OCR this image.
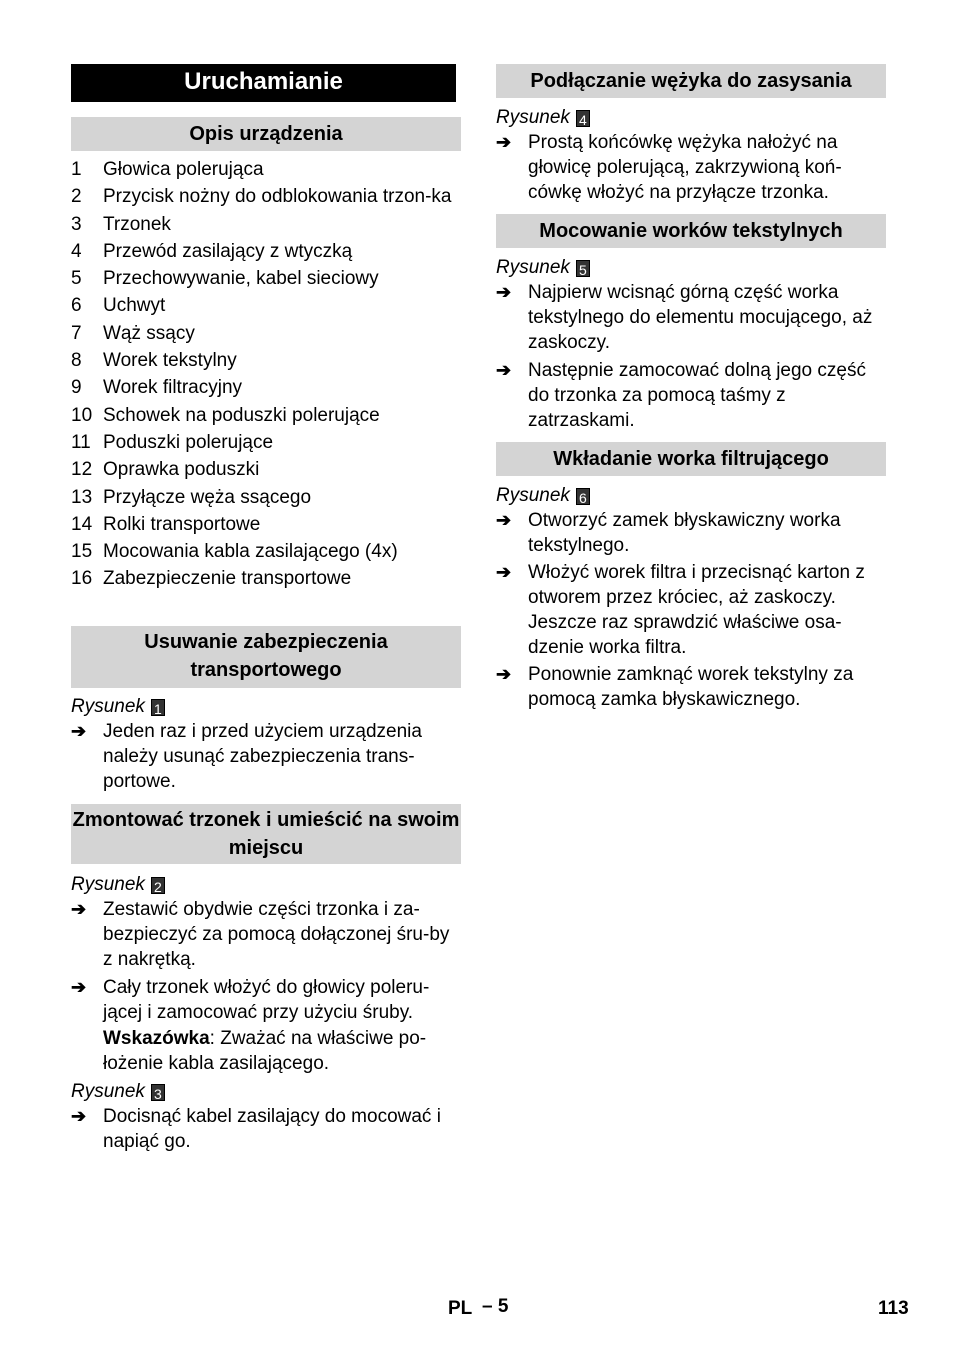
Uruchamianie
Opis urządzenia
1	Głowica polerująca
2	Przycisk nożny do odblokowania trzon-ka
3	Trzonek
4	Przewód zasilający z wtyczką
5	Przechowywanie, kabel sieciowy
6	Uchwyt
7	Wąż ssący
8	Worek tekstylny
9	Worek filtracyjny
10 Schowek na poduszki polerujące
11 Poduszki polerujące
12 Oprawka poduszki
13 Przyłącze węża ssącego
14 Rolki transportowe
15 Mocowania kabla zasilającego (4x)
16 Zabezpieczenie transportowe
Usuwanie zabezpieczenia transportowego
Rysunek 1
➔ Jeden raz i przed użyciem urządzenia należy usunąć zabezpieczenia trans-portowe.
Zmontować trzonek i umieścić na swoim miejscu
Rysunek 2
➔ Zestawić obydwie części trzonka i za-bezpieczyć za pomocą dołączonej śru-by z nakrętką.
➔ Cały trzonek włożyć do głowicy poleru-jącej i zamocować przy użyciu śruby.
Wskazówka: Zważać na właściwe po-łożenie kabla zasilającego.
Rysunek 3
➔ Docisnąć kabel zasilający do mocować i napiąć go.
Podłączanie wężyka do zasysania
Rysunek 4
➔ Prostą końcówkę wężyka nałożyć na głowicę polerującą, zakrzywioną koń-cówkę włożyć na przyłącze trzonka.
Mocowanie worków tekstylnych
Rysunek 5
➔ Najpierw wcisnąć górną część worka tekstylnego do elementu mocującego, aż zaskoczy.
➔ Następnie zamocować dolną jego część do trzonka za pomocą taśmy z zatrzaskami.
Wkładanie worka filtrującego
Rysunek 6
➔ Otworzyć zamek błyskawiczny worka tekstylnego.
➔ Włożyć worek filtra i przecisnąć karton z otworem przez króciec, aż zaskoczy. Jeszcze raz sprawdzić właściwe osa-dzenie worka filtra.
➔ Ponownie zamknąć worek tekstylny za pomocą zamka błyskawicznego.
PL – 5	113
